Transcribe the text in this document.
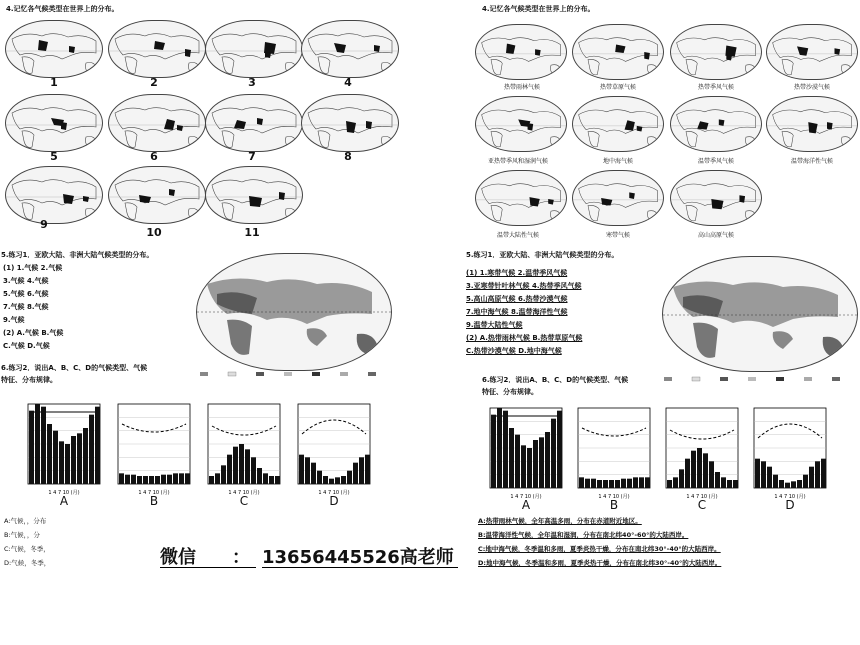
4.记忆各气候类型在世界上的分布。
1	2	3	4
5	6	7	8
9
10	11
5.练习1．亚欧大陆、非洲大陆气候类型的分布。
(1) 1.气候 2.气候
3.气候 4.气候
5.气候 6.气候
7.气候 8.气候
9.气候
(2) A.气候 B.气候
C.气候 D.气候
6.练习2．说出A、B、C、D的气候类型、气候
特征、分布规律。
1 4 7 10 (月)
A
1 4 7 10 (月)
B
1 4 7 10 (月)
C
1 4 7 10 (月)
D
A:气候，，分布
B:气候，，分
C:气候，冬季，
D:气候，冬季，	微信 ： 13656445526高老师
4.记忆各气候类型在世界上的分布。
热带雨林气候	热带草原气候	热带季风气候	热带沙漠气候
亚热带季风和湿润气候	地中海气候	温带季风气候	温带海洋性气候
温带大陆性气候	寒带气候	高山高原气候
5.练习1．亚欧大陆、非洲大陆气候类型的分布。
(1) 1.寒带气候 2.温带季风气候
3.亚寒带针叶林气候 4.热带季风气候
5.高山高原气候 6.热带沙漠气候
7.地中海气候 8.温带海洋性气候
9.温带大陆性气候
(2) A.热带雨林气候 B.热带草原气候
C.热带沙漠气候 D.地中海气候
6.练习2．说出A、B、C、D的气候类型、气候
特征、分布规律。
1 4 7 10 (月)
A
1 4 7 10 (月)
B
1 4 7 10 (月)
C
1 4 7 10 (月)
D
A:热带雨林气候，全年高温多雨，分布在赤道附近地区。
B:温带海洋性气候，全年温和湿润，分布在南北纬40°-60°的大陆西岸。
C:地中海气候，冬季温和多雨，夏季炎热干燥，分布在南北纬30°-40°的大陆西岸。
D:地中海气候，冬季温和多雨，夏季炎热干燥，分布在南北纬30°-40°的大陆西岸。
